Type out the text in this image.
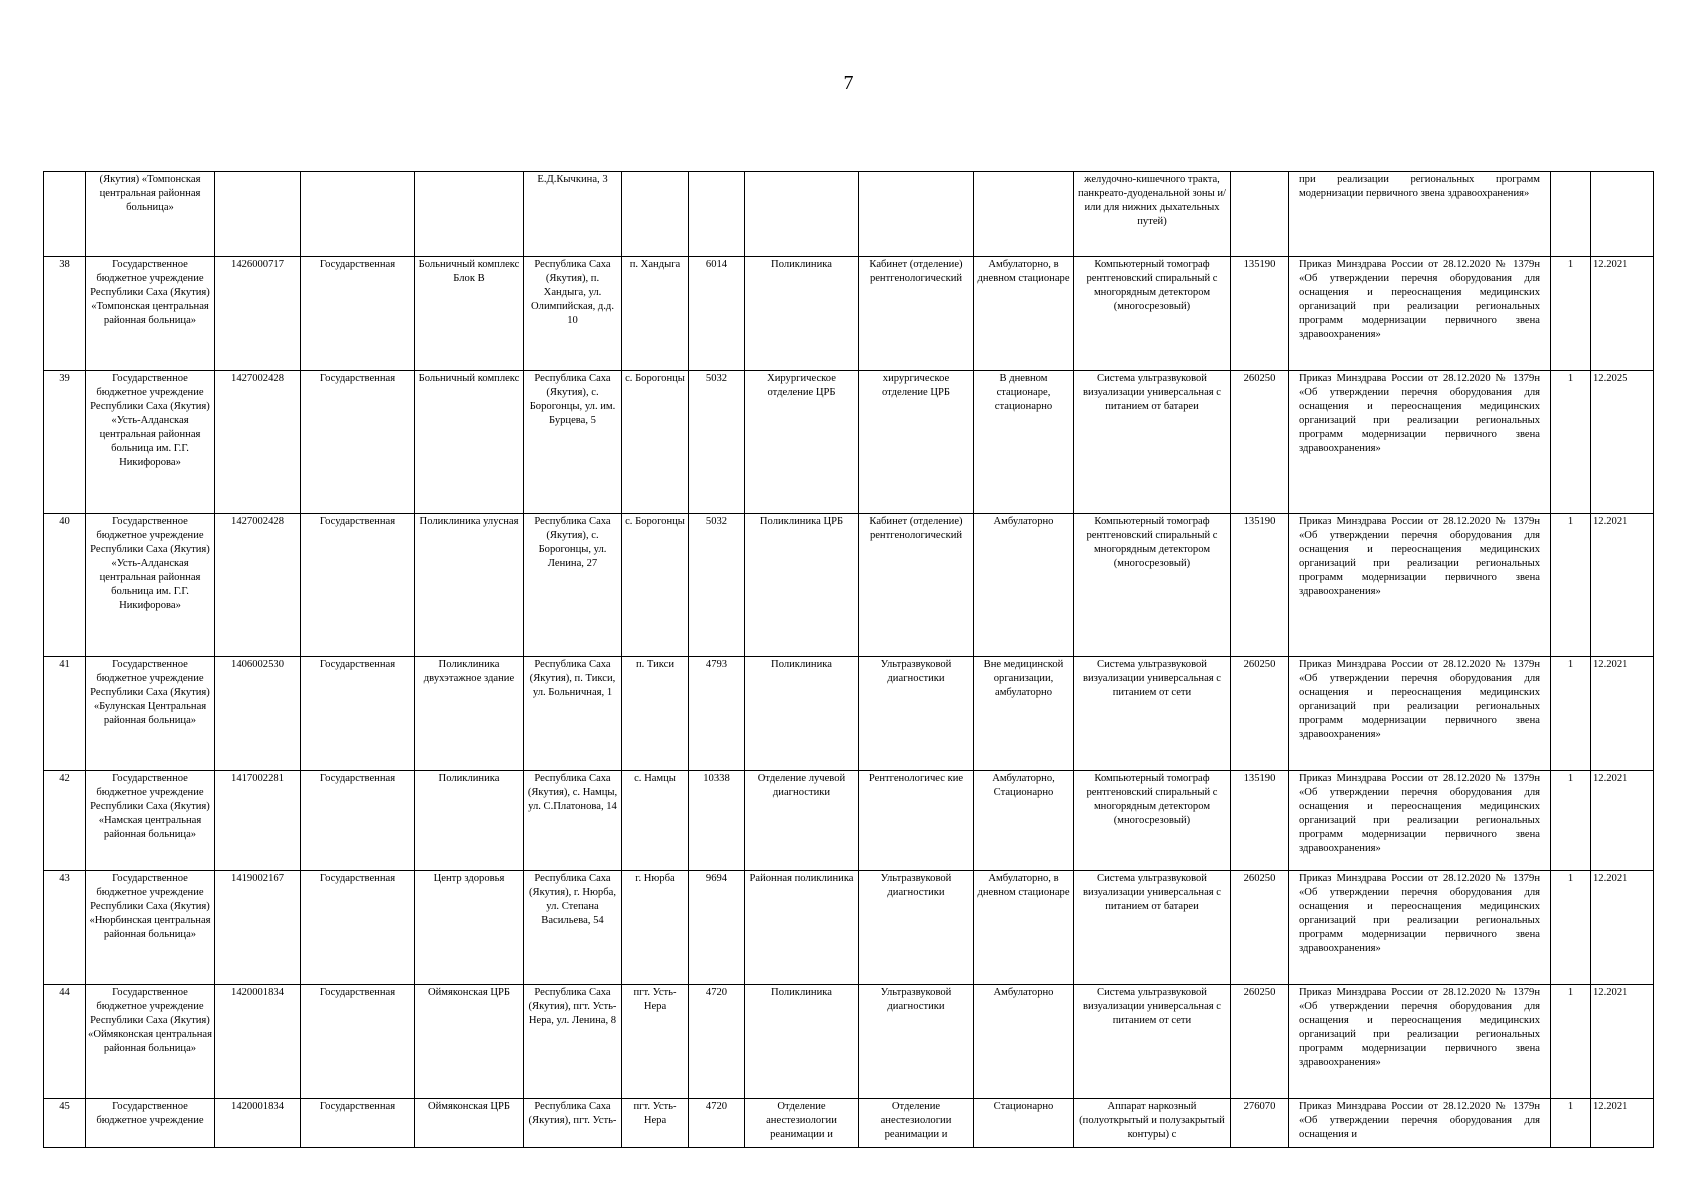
7
	(Якутия) «Томпонская центральная районная больница»				Е.Д.Кычкина, 3						желудочно-кишечного тракта, панкреато-дуоденальной зоны и/или для нижних дыхательных путей)		при реализации региональных программ модернизации первичного звена здравоохранения»		
38	Государственное бюджетное учреждение Республики Саха (Якутия) «Томпонская центральная районная больница»	1426000717	Государственная	Больничный комплекс Блок В	Республика Саха (Якутия), п. Хандыга, ул. Олимпийская, д.д. 10	п. Хандыга	6014	Поликлиника	Кабинет (отделение) рентгенологический	Амбулаторно, в дневном стационаре	Компьютерный томограф рентгеновский спиральный с многорядным детектором (многосрезовый)	135190	Приказ Минздрава России от 28.12.2020 № 1379н «Об утверждении перечня оборудования для оснащения и переоснащения медицинских организаций при реализации региональных программ модернизации первичного звена здравоохранения»	1	12.2021
39	Государственное бюджетное учреждение Республики Саха (Якутия) «Усть-Алданская центральная районная больница им. Г.Г. Никифорова»	1427002428	Государственная	Больничный комплекс	Республика Саха (Якутия), с. Борогонцы, ул. им. Бурцева, 5	с. Борогонцы	5032	Хирургическое отделение ЦРБ	хирургическое отделение ЦРБ	В дневном стационаре, стационарно	Система ультразвуковой визуализации универсальная с питанием от батареи	260250	Приказ Минздрава России от 28.12.2020 № 1379н «Об утверждении перечня оборудования для оснащения и переоснащения медицинских организаций при реализации региональных программ модернизации первичного звена здравоохранения»	1	12.2025
40	Государственное бюджетное учреждение Республики Саха (Якутия) «Усть-Алданская центральная районная больница им. Г.Г. Никифорова»	1427002428	Государственная	Поликлиника улусная	Республика Саха (Якутия), с. Борогонцы, ул. Ленина, 27	с. Борогонцы	5032	Поликлиника ЦРБ	Кабинет (отделение) рентгенологический	Амбулаторно	Компьютерный томограф рентгеновский спиральный с многорядным детектором (многосрезовый)	135190	Приказ Минздрава России от 28.12.2020 № 1379н «Об утверждении перечня оборудования для оснащения и переоснащения медицинских организаций при реализации региональных программ модернизации первичного звена здравоохранения»	1	12.2021
41	Государственное бюджетное учреждение Республики Саха (Якутия) «Булунская Центральная районная больница»	1406002530	Государственная	Поликлиника двухэтажное здание	Республика Саха (Якутия), п. Тикси, ул. Больничная, 1	п. Тикси	4793	Поликлиника	Ультразвуковой диагностики	Вне медицинской организации, амбулаторно	Система ультразвуковой визуализации универсальная с питанием от сети	260250	Приказ Минздрава России от 28.12.2020 № 1379н «Об утверждении перечня оборудования для оснащения и переоснащения медицинских организаций при реализации региональных программ модернизации первичного звена здравоохранения»	1	12.2021
42	Государственное бюджетное учреждение Республики Саха (Якутия) «Намская центральная районная больница»	1417002281	Государственная	Поликлиника	Республика Саха (Якутия), с. Намцы, ул. С.Платонова, 14	с. Намцы	10338	Отделение лучевой диагностики	Рентгенологичес кие	Амбулаторно, Стационарно	Компьютерный томограф рентгеновский спиральный с многорядным детектором (многосрезовый)	135190	Приказ Минздрава России от 28.12.2020 № 1379н «Об утверждении перечня оборудования для оснащения и переоснащения медицинских организаций при реализации региональных программ модернизации первичного звена здравоохранения»	1	12.2021
43	Государственное бюджетное учреждение Республики Саха (Якутия) «Нюрбинская центральная районная больница»	1419002167	Государственная	Центр здоровья	Республика Саха (Якутия), г. Нюрба, ул. Степана Васильева, 54	г. Нюрба	9694	Районная поликлиника	Ультразвуковой диагностики	Амбулаторно, в дневном стационаре	Система ультразвуковой визуализации универсальная с питанием от батареи	260250	Приказ Минздрава России от 28.12.2020 № 1379н «Об утверждении перечня оборудования для оснащения и переоснащения медицинских организаций при реализации региональных программ модернизации первичного звена здравоохранения»	1	12.2021
44	Государственное бюджетное учреждение Республики Саха (Якутия) «Оймяконская центральная районная больница»	1420001834	Государственная	Оймяконская ЦРБ	Республика Саха (Якутия), пгт. Усть-Нера, ул. Ленина, 8	пгт. Усть-Нера	4720	Поликлиника	Ультразвуковой диагностики	Амбулаторно	Система ультразвуковой визуализации универсальная с питанием от сети	260250	Приказ Минздрава России от 28.12.2020 № 1379н «Об утверждении перечня оборудования для оснащения и переоснащения медицинских организаций при реализации региональных программ модернизации первичного звена здравоохранения»	1	12.2021
45	Государственное бюджетное учреждение	1420001834	Государственная	Оймяконская ЦРБ	Республика Саха (Якутия), пгт. Усть-	пгт. Усть-Нера	4720	Отделение анестезиологии реанимации и	Отделение анестезиологии реанимации и	Стационарно	Аппарат наркозный (полуоткрытый и полузакрытый контуры) с	276070	Приказ Минздрава России от 28.12.2020 № 1379н «Об утверждении перечня оборудования для оснащения и	1	12.2021
